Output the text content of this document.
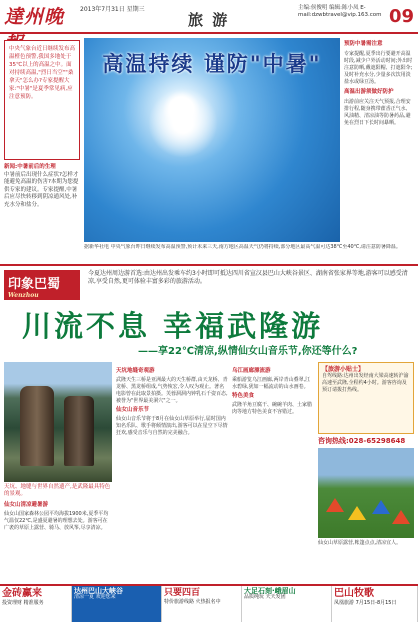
達州晚	2013年7月31日 星期三
旅 游
主编:侯俊明 编辑:陈小凤 E-mail:dzwbtravel@vip.163.com 09
中央气象台近日继续发布高温橙色预警,我国多地处于35℃以上的高温之中。面对持续高温,"烈日当空""桑拿天"怎么办?专家提醒大家:"中暑"是夏季常见病,应注意预防。
高温持续 谨防"中暑"
新闻:中暑前后的生理
中暑前后出现什么症状?怎样才能避免高温的伤害?本期为您提供专家的建议。专家提醒,中暑后应尽快转移到阴凉通风处,补充水分和盐分。
预防中暑需注意
专家提醒,夏季出行要避开高温时段,减少户外活动时间;外出时注意防晒,戴遮阳帽、打遮阳伞;及时补充水分,少量多次饮用淡盐水或绿豆汤。
高温出游须做好防护
出游前应关注天气预报,合理安排行程,随身携带藿香正气水、风油精、清凉油等防暑药品,避免在烈日下长时间暴晒。
据新华社电 中央气象台昨日继续发布高温预警,预计未来三天,南方地区高温天气仍将持续,部分地区最高气温可达38℃至40℃,请注意防暑降温。
印象巴蜀
Wenzhou
今夏达州周边游首选:由达州出发乘车约3小时即可抵达四川省宣汉县巴山大峡谷景区、湖南省张家界等地,游客可以感受清凉,享受自然,更可体验丰富多彩的旅游活动。
川流不息 幸福武隆游
——享22℃清凉,纵情仙女山音乐节,你还等什么?
天坑、地缝与世界自然遗产,是武隆最具特色的景观。
仙女山清凉避暑游
仙女山国家森林公园平均海拔1900米,夏季平均气温仅22℃,是盛夏避暑的理想去处。游客可在广袤的草原上露营、骑马、放风筝,尽享清凉。
天坑地缝奇观游
武隆天生三桥是亚洲最大的天生桥群,由天龙桥、青龙桥、黑龙桥组成,气势恢宏,令人叹为观止。著名电影曾在此取景拍摄。芙蓉洞洞内钟乳石千姿百态,被誉为"世界最美洞穴"之一。
仙女山音乐节
仙女山音乐节将于8月在仙女山草原举行,届时国内知名乐队、歌手将倾情演出,游客可以在星空下尽情狂欢,感受音乐与自然的完美融合。
乌江画廊漂流游
乘船游览乌江画廊,两岸青山叠翠,江水碧绿,犹如一幅流动的山水画卷。
特色美食
武隆羊角豆腐干、碗碗羊肉、土家腊肉等地方特色美食不容错过。
【旅游小贴士】
自驾线路:达州出发经南大梁高速转沪渝高速至武隆,全程约4小时。游客咨询及预订请拨打热线。
咨询热线:028-65298648
仙女山草原露营,帐篷点点,清凉宜人。
金砖赢来
投资理财 精准服务
达州巴山大峡谷
清凉一夏 欢迎您来	只要四百
特价旅游线路 火热报名中
大足石刻·峨眉山
品质纯玩 天天发团	巴山牧歌
凤凰旅游 7月15日-8月15日
